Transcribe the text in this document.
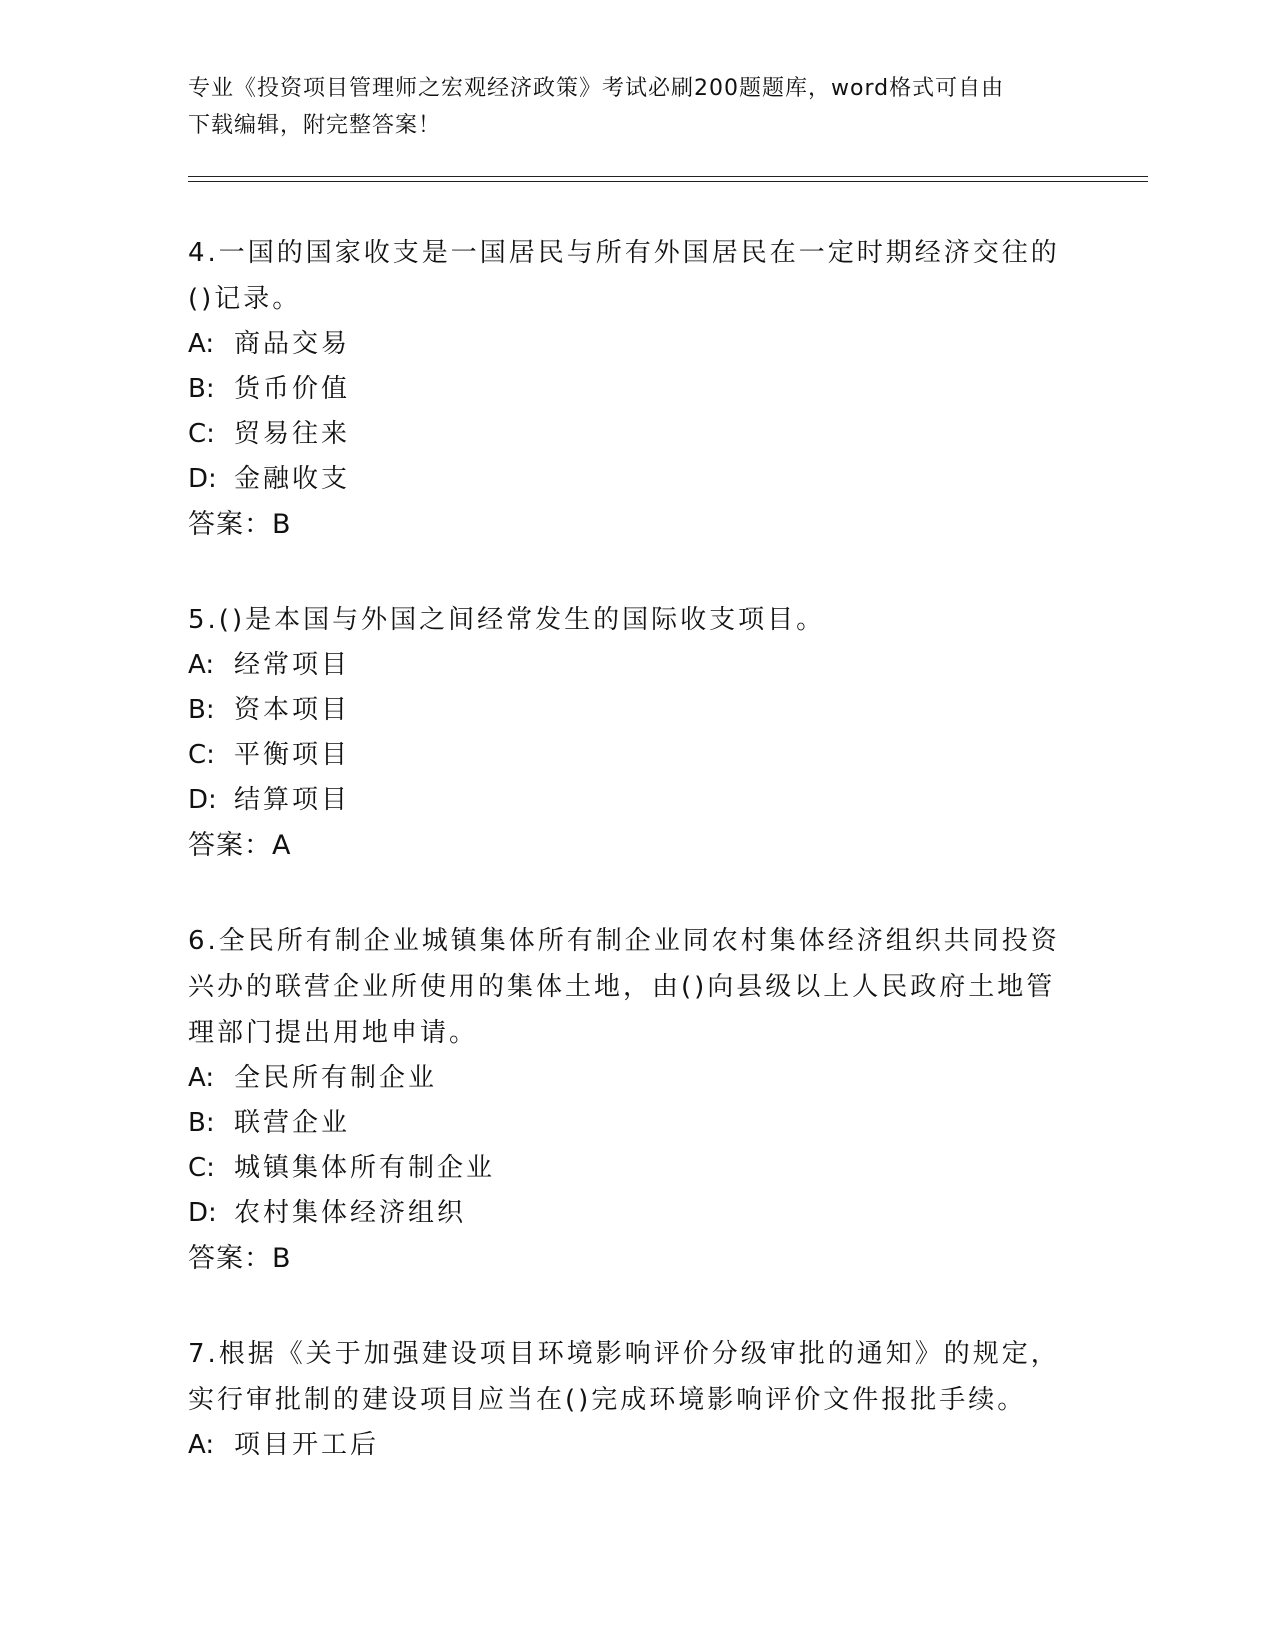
专业《投资项目管理师之宏观经济政策》考试必刷200题题库，word格式可自由
下载编辑，附完整答案！
4.一国的国家收支是一国居民与所有外国居民在一定时期经济交往的
()记录。
A: 商品交易
B: 货币价值
C: 贸易往来
D: 金融收支
答案：B
5.()是本国与外国之间经常发生的国际收支项目。
A: 经常项目
B: 资本项目
C: 平衡项目
D: 结算项目
答案：A
6.全民所有制企业城镇集体所有制企业同农村集体经济组织共同投资
兴办的联营企业所使用的集体土地，由()向县级以上人民政府土地管
理部门提出用地申请。
A: 全民所有制企业
B: 联营企业
C: 城镇集体所有制企业
D: 农村集体经济组织
答案：B
7.根据《关于加强建设项目环境影响评价分级审批的通知》的规定，
实行审批制的建设项目应当在()完成环境影响评价文件报批手续。
A: 项目开工后
